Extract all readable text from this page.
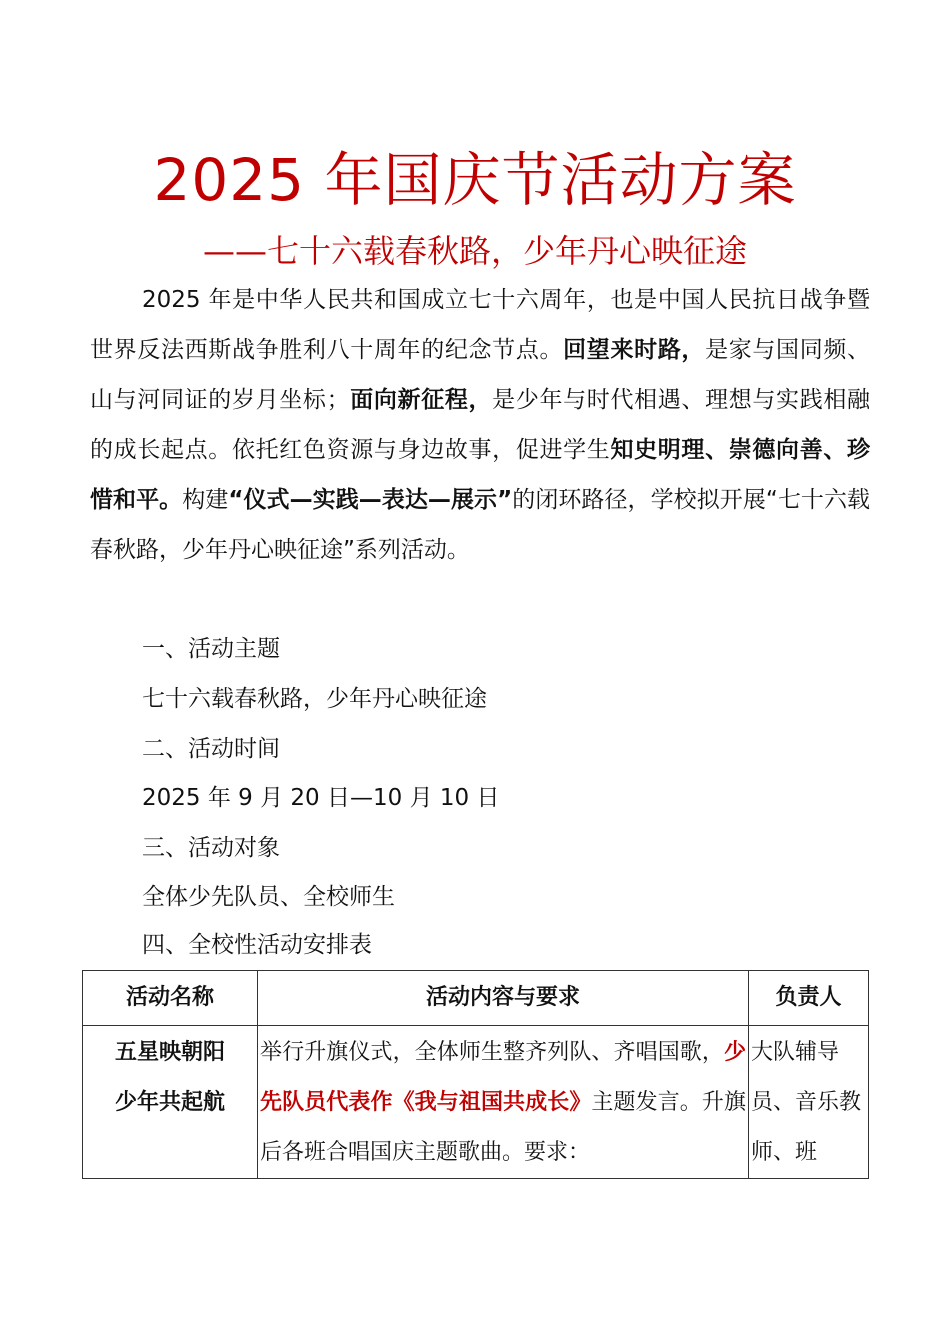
2025 年国庆节活动方案
——七十六载春秋路，少年丹心映征途
2025 年是中华人民共和国成立七十六周年，也是中国人民抗日战争暨世界反法西斯战争胜利八十周年的纪念节点。回望来时路，是家与国同频、山与河同证的岁月坐标；面向新征程，是少年与时代相遇、理想与实践相融的成长起点。依托红色资源与身边故事，促进学生知史明理、崇德向善、珍惜和平。构建“仪式—实践—表达—展示”的闭环路径，学校拟开展“七十六载春秋路，少年丹心映征途”系列活动。
一、活动主题
七十六载春秋路，少年丹心映征途
二、活动时间
2025 年 9 月 20 日—10 月 10 日
三、活动对象
全体少先队员、全校师生
四、全校性活动安排表
活动名称	活动内容与要求	负责人

五星映朝阳
少年共起航	举行升旗仪式，全体师生整齐列队、齐唱国歌，少先队员代表作《我与祖国共成长》主题发言。升旗后各班合唱国庆主题歌曲。要求：	大队辅导员、音乐教师、班
